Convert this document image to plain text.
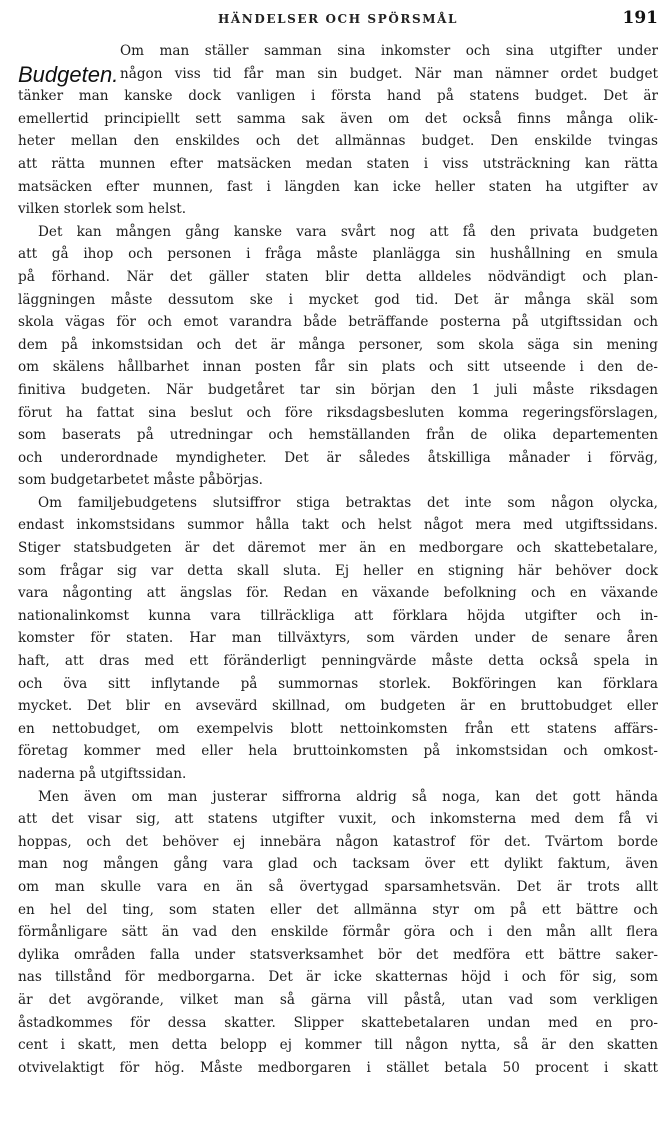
HÄNDELSER OCH SPÖRSMÅL	191
Budgeten.
Om man ställer samman sina inkomster och sina utgifter under
någon viss tid får man sin budget. När man nämner ordet budget
tänker man kanske dock vanligen i första hand på statens budget. Det är
emellertid principiellt sett samma sak även om det också finns många olik-
heter mellan den enskildes och det allmännas budget. Den enskilde tvingas
att rätta munnen efter matsäcken medan staten i viss utsträckning kan rätta
matsäcken efter munnen, fast i längden kan icke heller staten ha utgifter av
vilken storlek som helst.
Det kan mången gång kanske vara svårt nog att få den privata budgeten
att gå ihop och personen i fråga måste planlägga sin hushållning en smula
på förhand. När det gäller staten blir detta alldeles nödvändigt och plan-
läggningen måste dessutom ske i mycket god tid. Det är många skäl som
skola vägas för och emot varandra både beträffande posterna på utgiftssidan och
dem på inkomstsidan och det är många personer, som skola säga sin mening
om skälens hållbarhet innan posten får sin plats och sitt utseende i den de-
finitiva budgeten. När budgetåret tar sin början den 1 juli måste riksdagen
förut ha fattat sina beslut och före riksdagsbesluten komma regeringsförslagen,
som baserats på utredningar och hemställanden från de olika departementen
och underordnade myndigheter. Det är således åtskilliga månader i förväg,
som budgetarbetet måste påbörjas.
Om familjebudgetens slutsiffror stiga betraktas det inte som någon olycka,
endast inkomstsidans summor hålla takt och helst något mera med utgiftssidans.
Stiger statsbudgeten är det däremot mer än en medborgare och skattebetalare,
som frågar sig var detta skall sluta. Ej heller en stigning här behöver dock
vara någonting att ängslas för. Redan en växande befolkning och en växande
nationalinkomst kunna vara tillräckliga att förklara höjda utgifter och in-
komster för staten. Har man tillväxtyrs, som värden under de senare åren
haft, att dras med ett föränderligt penningvärde måste detta också spela in
och öva sitt inflytande på summornas storlek. Bokföringen kan förklara
mycket. Det blir en avsevärd skillnad, om budgeten är en bruttobudget eller
en nettobudget, om exempelvis blott nettoinkomsten från ett statens affärs-
företag kommer med eller hela bruttoinkomsten på inkomstsidan och omkost-
naderna på utgiftssidan.
Men även om man justerar siffrorna aldrig så noga, kan det gott hända
att det visar sig, att statens utgifter vuxit, och inkomsterna med dem få vi
hoppas, och det behöver ej innebära någon katastrof för det. Tvärtom borde
man nog mången gång vara glad och tacksam över ett dylikt faktum, även
om man skulle vara en än så övertygad sparsamhetsvän. Det är trots allt
en hel del ting, som staten eller det allmänna styr om på ett bättre och
förmånligare sätt än vad den enskilde förmår göra och i den mån allt flera
dylika områden falla under statsverksamhet bör det medföra ett bättre saker-
nas tillstånd för medborgarna. Det är icke skatternas höjd i och för sig, som
är det avgörande, vilket man så gärna vill påstå, utan vad som verkligen
åstadkommes för dessa skatter. Slipper skattebetalaren undan med en pro-
cent i skatt, men detta belopp ej kommer till någon nytta, så är den skatten
otvivelaktigt för hög. Måste medborgaren i stället betala 50 procent i skatt
